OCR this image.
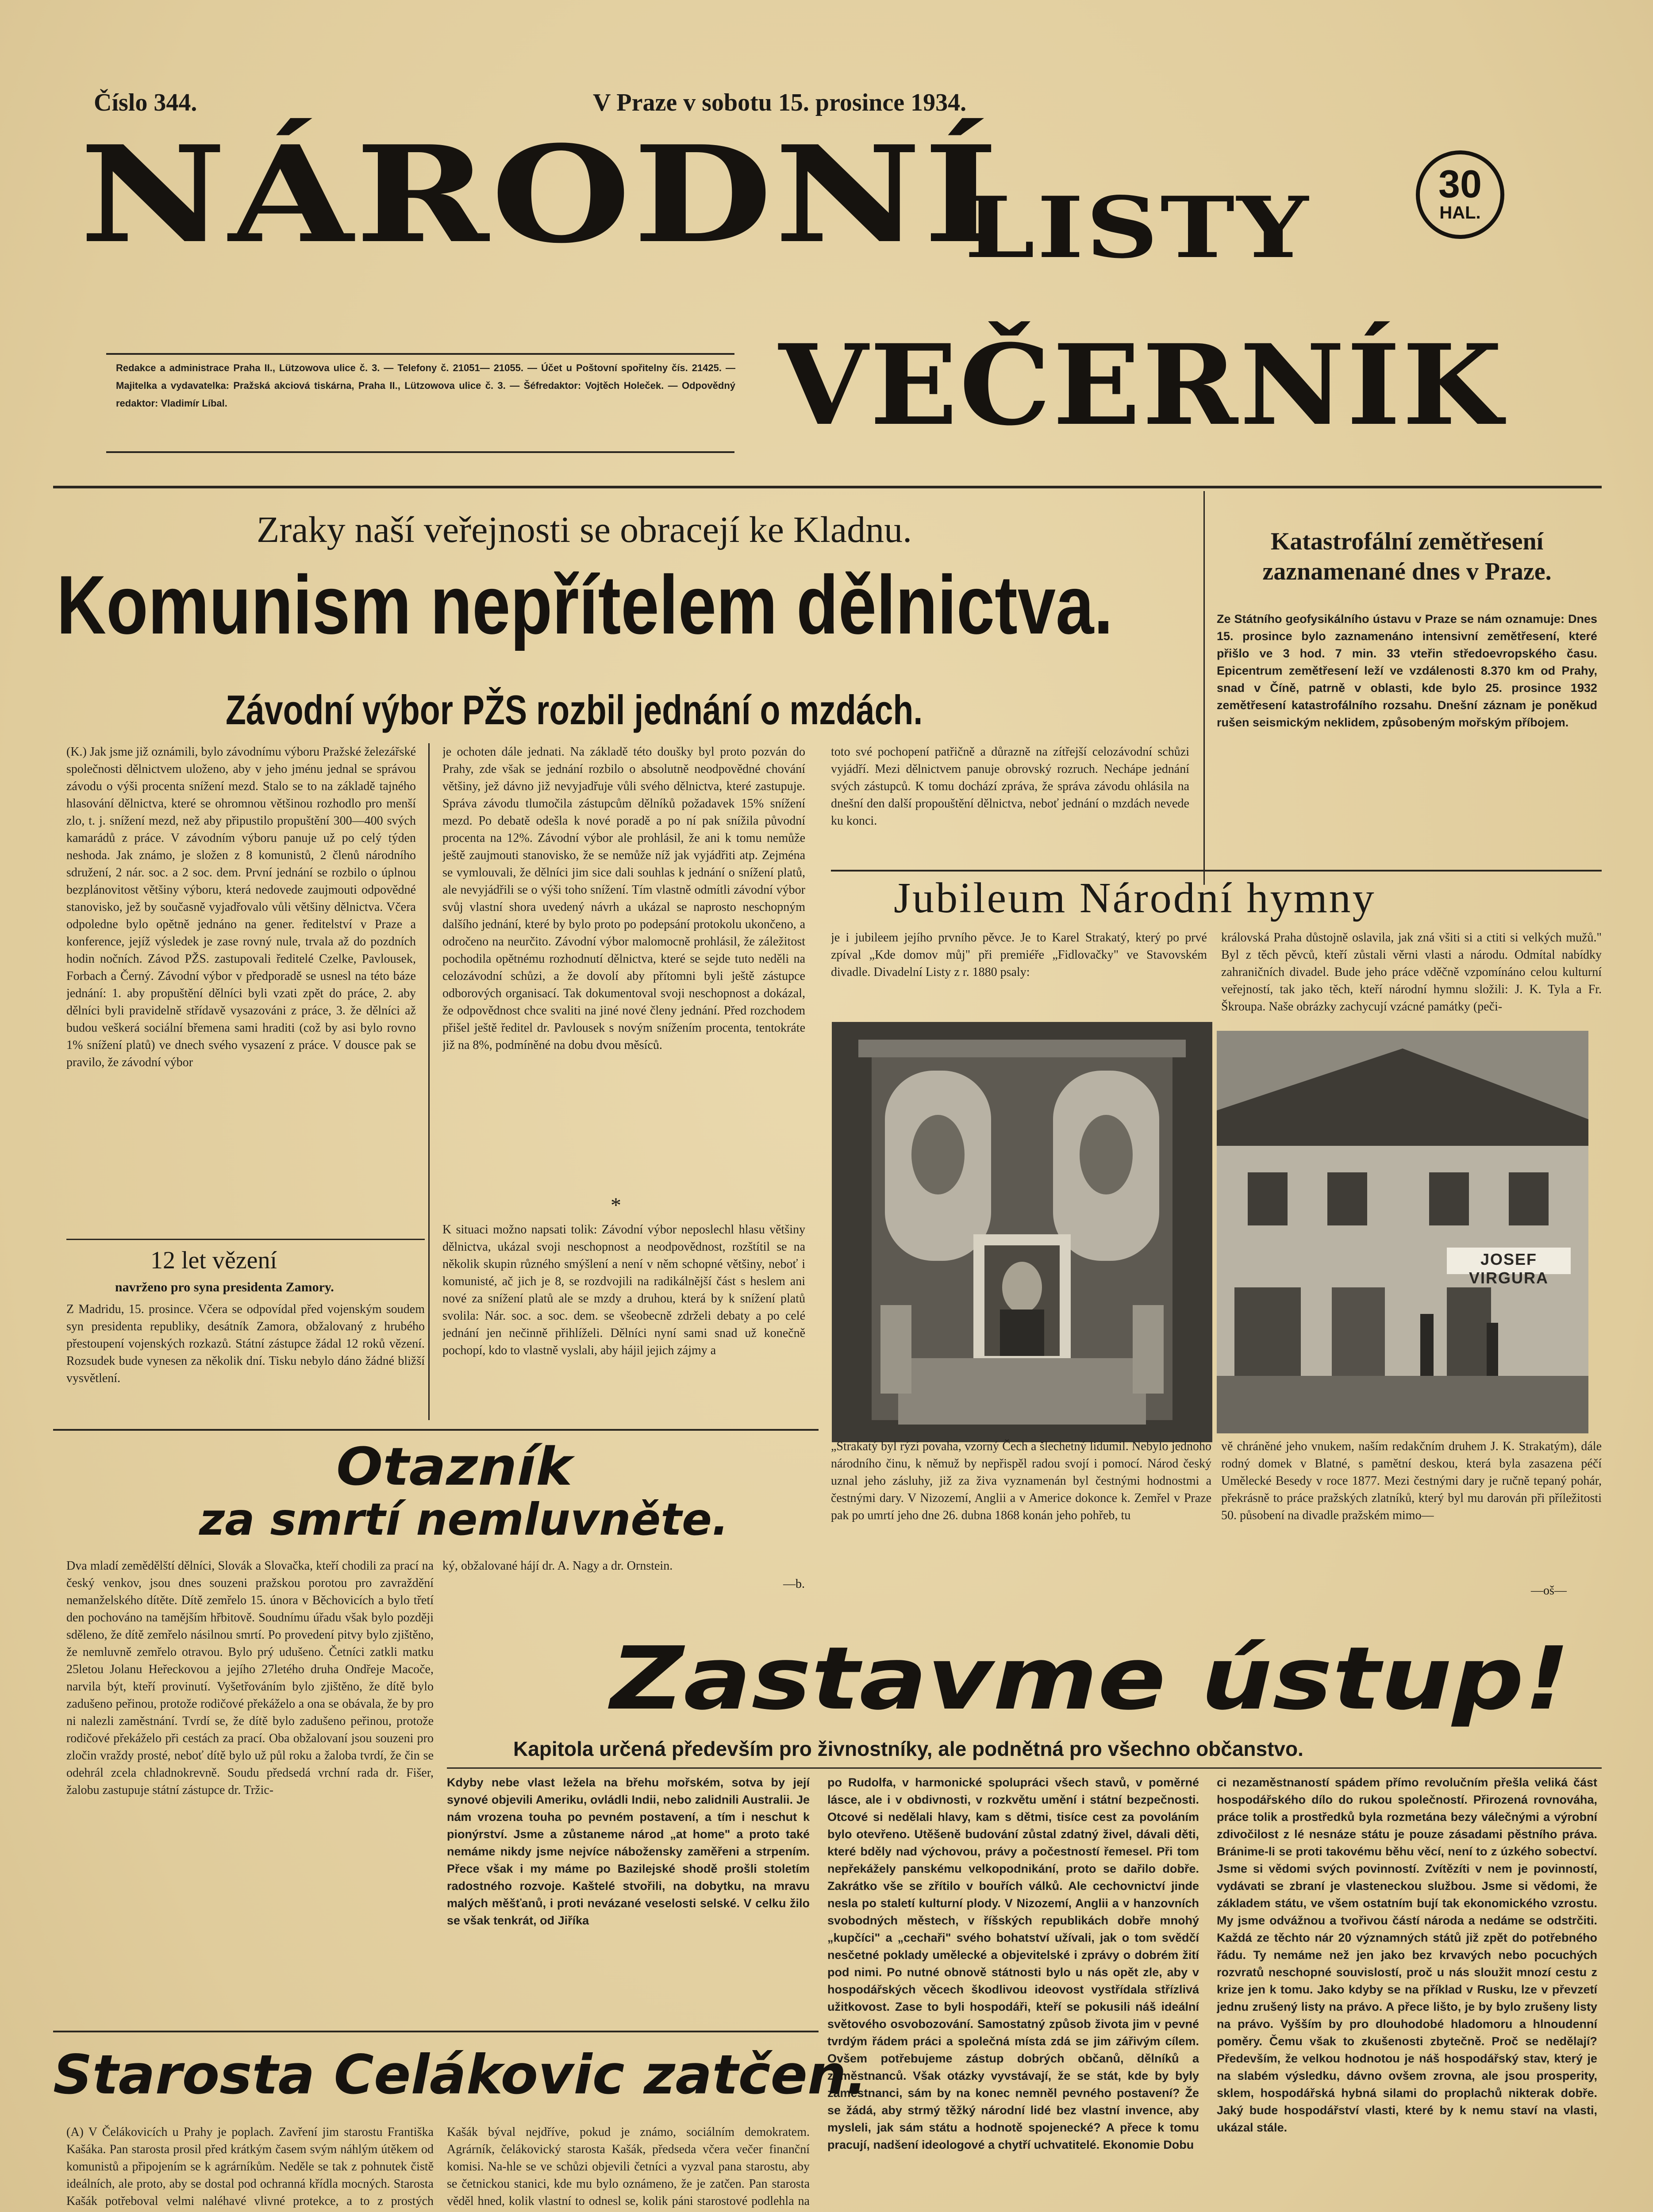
Číslo 344.	V Praze v sobotu 15. prosince 1934.
NÁRODNÍ
LISTY	30
HAL.
Redakce a administrace Praha II., Lützowova ulice č. 3. — Telefony č. 21051— 21055. — Účet u Poštovní spořitelny čís. 21425. — Majitelka a vydavatelka: Pražská akciová tiskárna, Praha II., Lützowova ulice č. 3. — Šéfredaktor: Vojtěch Holeček. — Odpovědný redaktor: Vladimír Líbal.	VEČERNÍK
Zraky naší veřejnosti se obracejí ke Kladnu.
Komunism nepřítelem dělnictva.
Závodní výbor PŽS rozbil jednání o mzdách.
(K.) Jak jsme již oznámili, bylo závodnímu výboru Pražské železářské společnosti dělnictvem uloženo, aby v jeho jménu jednal se správou závodu o výši procenta snížení mezd. Stalo se to na základě tajného hlasování dělnictva, které se ohromnou většinou rozhodlo pro menší zlo, t. j. snížení mezd, než aby připustilo propuštění 300—400 svých kamarádů z práce. V závodním výboru panuje už po celý týden neshoda. Jak známo, je složen z 8 komunistů, 2 členů národního sdružení, 2 nár. soc. a 2 soc. dem. První jednání se rozbilo o úplnou bezplánovitost většiny výboru, která nedovede zaujmouti odpovědné stanovisko, jež by současně vyjadřovalo vůli většiny dělnictva. Včera odpoledne bylo opětně jednáno na gener. ředitelství v Praze a konference, jejíž výsledek je zase rovný nule, trvala až do pozdních hodin nočních. Závod PŽS. zastupovali ředitelé Czelke, Pavlousek, Forbach a Černý. Závodní výbor v předporadě se usnesl na této báze jednání: 1. aby propuštění dělníci byli vzati zpět do práce, 2. aby dělníci byli pravidelně střídavě vysazováni z práce, 3. že dělníci až budou veškerá sociální břemena sami hraditi (což by asi bylo rovno 1% snížení platů) ve dnech svého vysazení z práce. V dousce pak se pravilo, že závodní výbor
je ochoten dále jednati. Na základě této doušky byl proto pozván do Prahy, zde však se jednání rozbilo o absolutně neodpovědné chování většiny, jež dávno již nevyjadřuje vůli svého dělnictva, které zastupuje. Správa závodu tlumočila zástupcům dělníků požadavek 15% snížení mezd. Po debatě odešla k nové poradě a po ní pak snížila původní procenta na 12%. Závodní výbor ale prohlásil, že ani k tomu nemůže ještě zaujmouti stanovisko, že se nemůže níž jak vyjádřiti atp. Zejména se vymlouvali, že dělníci jim sice dali souhlas k jednání o snížení platů, ale nevyjádřili se o výši toho snížení. Tím vlastně odmítli závodní výbor svůj vlastní shora uvedený návrh a ukázal se naprosto neschopným dalšího jednání, které by bylo proto po podepsání protokolu ukončeno, a odročeno na neurčito. Závodní výbor malomocně prohlásil, že záležitost pochodila opětnému rozhodnutí dělnictva, které se sejde tuto neděli na celozávodní schůzi, a že dovolí aby přítomni byli ještě zástupce odborových organisací. Tak dokumentoval svoji neschopnost a dokázal, že odpovědnost chce svaliti na jiné nové členy jednání. Před rozchodem přišel ještě ředitel dr. Pavlousek s novým snížením procenta, tentokráte již na 8%, podmíněné na dobu dvou měsíců.
*
K situaci možno napsati tolik: Závodní výbor neposlechl hlasu většiny dělnictva, ukázal svoji neschopnost a neodpovědnost, rozštítil se na několik skupin různého smýšlení a není v něm schopné většiny, neboť i komunisté, ač jich je 8, se rozdvojili na radikálnější část s heslem ani nové za snížení platů ale se mzdy a druhou, která by k snížení platů svolila: Nár. soc. a soc. dem. se všeobecně zdrželi debaty a po celé jednání jen nečinně přihlíželi. Dělníci nyní sami snad už konečně pochopí, kdo to vlastně vyslali, aby hájil jejich zájmy a
toto své pochopení patřičně a důrazně na zítřejší celozávodní schůzi vyjádří. Mezi dělnictvem panuje obrovský rozruch. Nechápe jednání svých zástupců. K tomu dochází zpráva, že správa závodu ohlásila na dnešní den další propouštění dělnictva, neboť jednání o mzdách nevede ku konci.
Katastrofální zemětřesení zaznamenané dnes v Praze.
Ze Státního geofysikálního ústavu v Praze se nám oznamuje: Dnes 15. prosince bylo zaznamenáno intensivní zemětřesení, které přišlo ve 3 hod. 7 min. 33 vteřin středoevropského času. Epicentrum zemětřesení leží ve vzdálenosti 8.370 km od Prahy, snad v Číně, patrně v oblasti, kde bylo 25. prosince 1932 zemětřesení katastrofálního rozsahu. Dnešní záznam je poněkud rušen seismickým neklidem, způsobeným mořským příbojem.
Jubileum Národní hymny
je i jubileem jejího prvního pěvce. Je to Karel Strakatý, který po prvé zpíval „Kde domov můj" při premiéře „Fidlovačky" ve Stavovském divadle. Divadelní Listy z r. 1880 psaly:
královská Praha důstojně oslavila, jak zná všiti si a ctiti si velkých mužů." Byl z těch pěvců, kteří zůstali věrni vlasti a národu. Odmítal nabídky zahraničních divadel. Bude jeho práce vděčně vzpomínáno celou kulturní veřejností, tak jako těch, kteří národní hymnu složili: J. K. Tyla a Fr. Škroupa. Naše obrázky zachycují vzácné památky (peči-
JOSEF VIRGURA
„Strakatý byl rýzí povaha, vzorný Čech a šlechetný lidumil. Nebylo jednoho národního činu, k němuž by nepřispěl radou svojí i pomocí. Národ český uznal jeho zásluhy, již za živa vyznamenán byl čestnými hodnostmi a čestnými dary. V Nizozemí, Anglii a v Americe dokonce k. Zemřel v Praze pak po umrtí jeho dne 26. dubna 1868 konán jeho pohřeb, tu
vě chráněné jeho vnukem, naším redakčním druhem J. K. Strakatým), dále rodný domek v Blatné, s pamětní deskou, která byla zasazena péčí Umělecké Besedy v roce 1877. Mezi čestnými dary je ručně tepaný pohár, překrásně to práce pražských zlatníků, který byl mu darován při příležitosti 50. působení na divadle pražském mimo—
—oš—
12 let vězení
navrženo pro syna presidenta Zamory.
Z Madridu, 15. prosince. Včera se odpovídal před vojenským soudem syn presidenta republiky, desátník Zamora, obžalovaný z hrubého přestoupení vojenských rozkazů. Státní zástupce žádal 12 roků vězení. Rozsudek bude vynesen za několik dní. Tisku nebylo dáno žádné bližší vysvětlení.
Otazník
za smrtí nemluvněte.
Dva mladí zemědělští dělníci, Slovák a Slovačka, kteří chodili za prací na český venkov, jsou dnes souzeni pražskou porotou pro zavraždění nemanželského dítěte. Dítě zemřelo 15. února v Běchovicích a bylo třetí den pochováno na tamějším hřbitově. Soudnímu úřadu však bylo později sděleno, že dítě zemřelo násilnou smrtí. Po provedení pitvy bylo zjištěno, že nemluvně zemřelo otravou. Bylo prý udušeno. Četníci zatkli matku 25letou Jolanu Heřeckovou a jejího 27letého druha Ondřeje Macoče, narvila být, kteří provinutí. Vyšetřováním bylo zjištěno, že dítě bylo zadušeno peřinou, protože rodičové překáželo a ona se obávala, že by pro ni nalezli zaměstnání. Tvrdí se, že dítě bylo zadušeno peřinou, protože rodičové překáželo při cestách za prací. Oba obžalovaní jsou souzeni pro zločin vraždy prosté, neboť dítě bylo už půl roku a žaloba tvrdí, že čin se odehrál zcela chladnokrevně. Soudu předsedá vrchní rada dr. Fišer, žalobu zastupuje státní zástupce dr. Tržic-
ký, obžalované hájí dr. A. Nagy a dr. Ornstein.
—b.
Zastavme ústup!
Kapitola určená především pro živnostníky, ale podnětná pro všechno občanstvo.
Kdyby nebe vlast ležela na břehu mořském, sotva by její synové objevili Ameriku, ovládli Indii, nebo zalidnili Australii. Je nám vrozena touha po pevném postavení, a tím i neschut k pionýrství. Jsme a zůstaneme národ „at home" a proto také nemáme nikdy jsme nejvíce nábožensky zaměřeni a strpením. Přece však i my máme po Bazilejské shodě prošli stoletím radostného rozvoje. Kaštelé stvořili, na dobytku, na mravu malých měšťanů, i proti nevázané veselosti selské. V celku žilo se však tenkrát, od Jiříka
po Rudolfa, v harmonické spolupráci všech stavů, v poměrné lásce, ale i v obdivnosti, v rozkvětu umění i státní bezpečnosti. Otcové si nedělali hlavy, kam s dětmi, tisíce cest za povoláním bylo otevřeno. Utěšeně budování zůstal zdatný živel, dávali děti, které bděly nad výchovou, právy a počestností řemesel. Při tom nepřekážely panskému velkopodnikání, proto se dařilo dobře. Zakrátko vše se zřítilo v bouřích válků. Ale cechovnictví jinde nesla po staletí kulturní plody. V Nizozemí, Anglii a v hanzovních svobodných městech, v říšských republikách dobře mnohý „kupčíci" a „cechaři" svého bohatství užívali, jak o tom svědčí nesčetné poklady umělecké a objevitelské i zprávy o dobrém žití pod nimi. Po nutné obnově státnosti bylo u nás opět zle, aby v hospodářských věcech škodlivou ideovost vystřídala střízlivá užitkovost. Zase to byli hospodáři, kteří se pokusili náš ideální světového osvobozování. Samostatný způsob života jim v pevné tvrdým řádem práci a společná místa zdá se jim zářivým cílem. Ovšem potřebujeme zástup dobrých občanů, dělníků a zaměstnanců. Však otázky vyvstávají, že se stát, kde by byly zaměstnanci, sám by na konec nemněl pevného postavení? Že se žádá, aby strmý těžký národní lidé bez vlastní invence, aby mysleli, jak sám státu a hodnotě spojenecké? A přece k tomu pracují, nadšení ideologové a chytří uchvatitelé. Ekonomie Dobu
ci nezaměstnaností spádem přímo revolučním přešla veliká část hospodářského dílo do rukou společností. Přirozená rovnováha, práce tolik a prostředků byla rozmetána bezy válečnými a výrobní zdivočilost z lé nesnáze státu je pouze zásadami pěstního práva. Bránime-li se proti takovému běhu věcí, není to z úzkého sobectví. Jsme si vědomi svých povinností. Zvítězíti v nem je povinností, vydávati se zbraní je vlasteneckou službou. Jsme si vědomi, že základem státu, ve všem ostatním bují tak ekonomického vzrostu. My jsme odvážnou a tvořivou částí národa a nedáme se odstrčiti. Každá ze těchto nár 20 významných států již zpět do potřebného řádu. Ty nemáme než jen jako bez krvavých nebo pocuchých rozvratů neschopné souvislostí, proč u nás sloužit mnozí cestu z krize jen k tomu. Jako kdyby se na příklad v Rusku, lze v převzetí jednu zrušený listy na právo. A přece lišto, je by bylo zrušeny listy na právo. Vyšším by pro dlouhodobé hladomoru a hlnoudenní poměry. Čemu však to zkušenosti zbytečně. Proč se nedělají? Především, že velkou hodnotou je náš hospodářský stav, který je na slabém výsledku, dávno ovšem zrovna, ale jsou prosperity, sklem, hospodářská hybná silami do proplachů nikterak dobře. Jaký bude hospodářství vlasti, které by k nemu staví na vlasti, ukázal stále.
Starosta Celákovic zatčen.
(A) V Čelákovicích u Prahy je poplach. Zavření jim starostu Františka Kašáka. Pan starosta prosil před krátkým časem svým náhlým útěkem od komunistů a připojením se k agrárníkům. Neděle se tak z pohnutek čistě ideálních, ale proto, aby se dostal pod ochranná křídla mocných. Starosta Kašák potřeboval velmi naléhavé vlivné protekce, a to z prostých
Kašák býval nejdříve, pokud je známo, sociálním demokratem. Agrárník, čelákovický starosta Kašák, předseda včera večer finanční komisi. Na-hle se ve schůzi objevili četníci a vyzval pana starostu, aby se četnickou stanici, kde mu bylo oznámeno, že je zatčen. Pan starosta věděl hned, kolik vlastní to odnesl se, kolik páni starostové podlehla na
